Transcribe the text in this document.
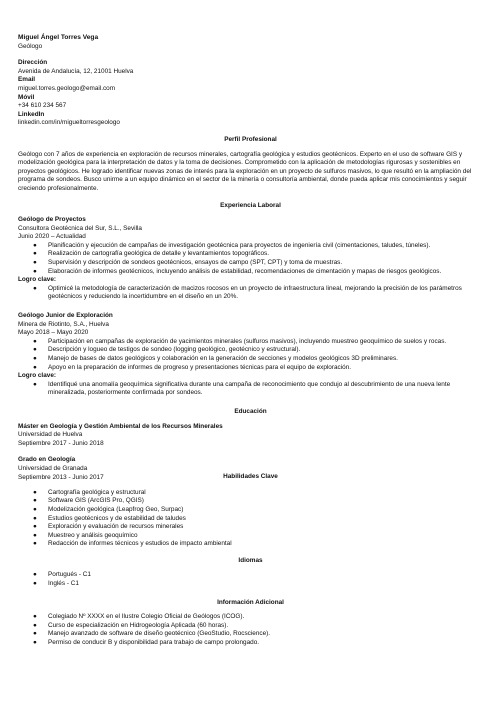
Miguel Ángel Torres Vega

Geólogo

Dirección

Avenida de Andalucía, 12, 21001 Huelva

Email

miguel.torres.geologo@email.com

Móvil

+34 610 234 567

LinkedIn

linkedin.com/in/migueltorresgeologo

Perfil Profesional

Geólogo con 7 años de experiencia en exploración de recursos minerales, cartografía geológica y estudios geotécnicos. Experto en el uso de software GIS y modelización geológica para la interpretación de datos y la toma de decisiones. Comprometido con la aplicación de metodologías rigurosas y sostenibles en proyectos geológicos. He logrado identificar nuevas zonas de interés para la exploración en un proyecto de sulfuros masivos, lo que resultó en la ampliación del programa de sondeos. Busco unirme a un equipo dinámico en el sector de la minería o consultoría ambiental, donde pueda aplicar mis conocimientos y seguir creciendo profesionalmente.

Experiencia Laboral

Geólogo de Proyectos

Consultora Geotécnica del Sur, S.L., Sevilla

Junio 2020 – Actualidad

● Planificación y ejecución de campañas de investigación geotécnica para proyectos de ingeniería civil (cimentaciones, taludes, túneles).
● Realización de cartografía geológica de detalle y levantamientos topográficos.
● Supervisión y descripción de sondeos geotécnicos, ensayos de campo (SPT, CPT) y toma de muestras.
● Elaboración de informes geotécnicos, incluyendo análisis de estabilidad, recomendaciones de cimentación y mapas de riesgos geológicos.

Logro clave:

● Optimicé la metodología de caracterización de macizos rocosos en un proyecto de infraestructura lineal, mejorando la precisión de los parámetros geotécnicos y reduciendo la incertidumbre en el diseño en un 20%.

Geólogo Junior de Exploración

Minera de Riotinto, S.A., Huelva

Mayo 2018 – Mayo 2020

● Participación en campañas de exploración de yacimientos minerales (sulfuros masivos), incluyendo muestreo geoquímico de suelos y rocas.
● Descripción y logueo de testigos de sondeo (logging geológico, geotécnico y estructural).
● Manejo de bases de datos geológicos y colaboración en la generación de secciones y modelos geológicos 3D preliminares.
● Apoyo en la preparación de informes de progreso y presentaciones técnicas para el equipo de exploración.

Logro clave:

● Identifiqué una anomalía geoquímica significativa durante una campaña de reconocimiento que condujo al descubrimiento de una nueva lente mineralizada, posteriormente confirmada por sondeos.

Educación

Máster en Geología y Gestión Ambiental de los Recursos Minerales

Universidad de Huelva

Septiembre 2017 - Junio 2018

Grado en Geología

Universidad de Granada

Septiembre 2013 - Junio 2017	Habilidades Clave

● Cartografía geológica y estructural
● Software GIS (ArcGIS Pro, QGIS)
● Modelización geológica (Leapfrog Geo, Surpac)
● Estudios geotécnicos y de estabilidad de taludes
● Exploración y evaluación de recursos minerales
● Muestreo y análisis geoquímico
● Redacción de informes técnicos y estudios de impacto ambiental

Idiomas

● Portugués - C1
● Inglés - C1

Información Adicional

● Colegiado Nº XXXX en el Ilustre Colegio Oficial de Geólogos (ICOG).
● Curso de especialización en Hidrogeología Aplicada (60 horas).
● Manejo avanzado de software de diseño geotécnico (GeoStudio, Rocscience).
● Permiso de conducir B y disponibilidad para trabajo de campo prolongado.
